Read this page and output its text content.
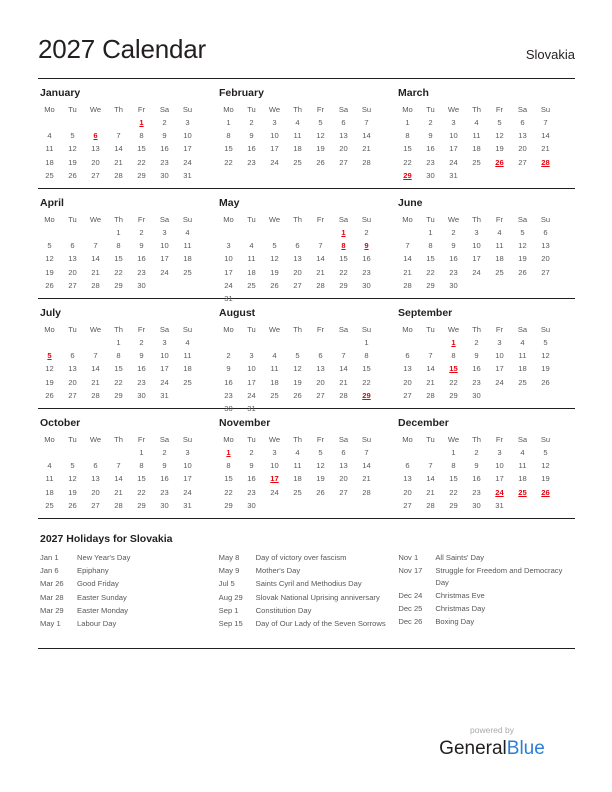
2027 Calendar	Slovakia
January
Mo	Tu	We	Th	Fr	Sa	Su
				1	2	3
4	5	6	7	8	9	10
11	12	13	14	15	16	17
18	19	20	21	22	23	24
25	26	27	28	29	30	31
February
Mo	Tu	We	Th	Fr	Sa	Su
1	2	3	4	5	6	7
8	9	10	11	12	13	14
15	16	17	18	19	20	21
22	23	24	25	26	27	28
March
Mo	Tu	We	Th	Fr	Sa	Su
1	2	3	4	5	6	7
8	9	10	11	12	13	14
15	16	17	18	19	20	21
22	23	24	25	26	27	28
29	30	31				
April
Mo	Tu	We	Th	Fr	Sa	Su
			1	2	3	4
5	6	7	8	9	10	11
12	13	14	15	16	17	18
19	20	21	22	23	24	25
26	27	28	29	30		
May
Mo	Tu	We	Th	Fr	Sa	Su
					1	2
3	4	5	6	7	8	9
10	11	12	13	14	15	16
17	18	19	20	21	22	23
24	25	26	27	28	29	30
31						
June
Mo	Tu	We	Th	Fr	Sa	Su
	1	2	3	4	5	6
7	8	9	10	11	12	13
14	15	16	17	18	19	20
21	22	23	24	25	26	27
28	29	30				
July
Mo	Tu	We	Th	Fr	Sa	Su
			1	2	3	4
5	6	7	8	9	10	11
12	13	14	15	16	17	18
19	20	21	22	23	24	25
26	27	28	29	30	31	
August
Mo	Tu	We	Th	Fr	Sa	Su
						1
2	3	4	5	6	7	8
9	10	11	12	13	14	15
16	17	18	19	20	21	22
23	24	25	26	27	28	29
30	31					
September
Mo	Tu	We	Th	Fr	Sa	Su
		1	2	3	4	5
6	7	8	9	10	11	12
13	14	15	16	17	18	19
20	21	22	23	24	25	26
27	28	29	30			
October
Mo	Tu	We	Th	Fr	Sa	Su
				1	2	3
4	5	6	7	8	9	10
11	12	13	14	15	16	17
18	19	20	21	22	23	24
25	26	27	28	29	30	31
November
Mo	Tu	We	Th	Fr	Sa	Su
1	2	3	4	5	6	7
8	9	10	11	12	13	14
15	16	17	18	19	20	21
22	23	24	25	26	27	28
29	30					
December
Mo	Tu	We	Th	Fr	Sa	Su
		1	2	3	4	5
6	7	8	9	10	11	12
13	14	15	16	17	18	19
20	21	22	23	24	25	26
27	28	29	30	31		
2027 Holidays for Slovakia
Jan 1	New Year's Day
Jan 6	Epiphany
Mar 26	Good Friday
Mar 28	Easter Sunday
Mar 29	Easter Monday
May 1	Labour Day
May 8	Day of victory over fascism
May 9	Mother's Day
Jul 5	Saints Cyril and Methodius Day
Aug 29	Slovak National Uprising anniversary
Sep 1	Constitution Day
Sep 15	Day of Our Lady of the Seven Sorrows
Nov 1	All Saints' Day
Nov 17	Struggle for Freedom and Democracy Day
Dec 24	Christmas Eve
Dec 25	Christmas Day
Dec 26	Boxing Day
powered by
GeneralBlue
